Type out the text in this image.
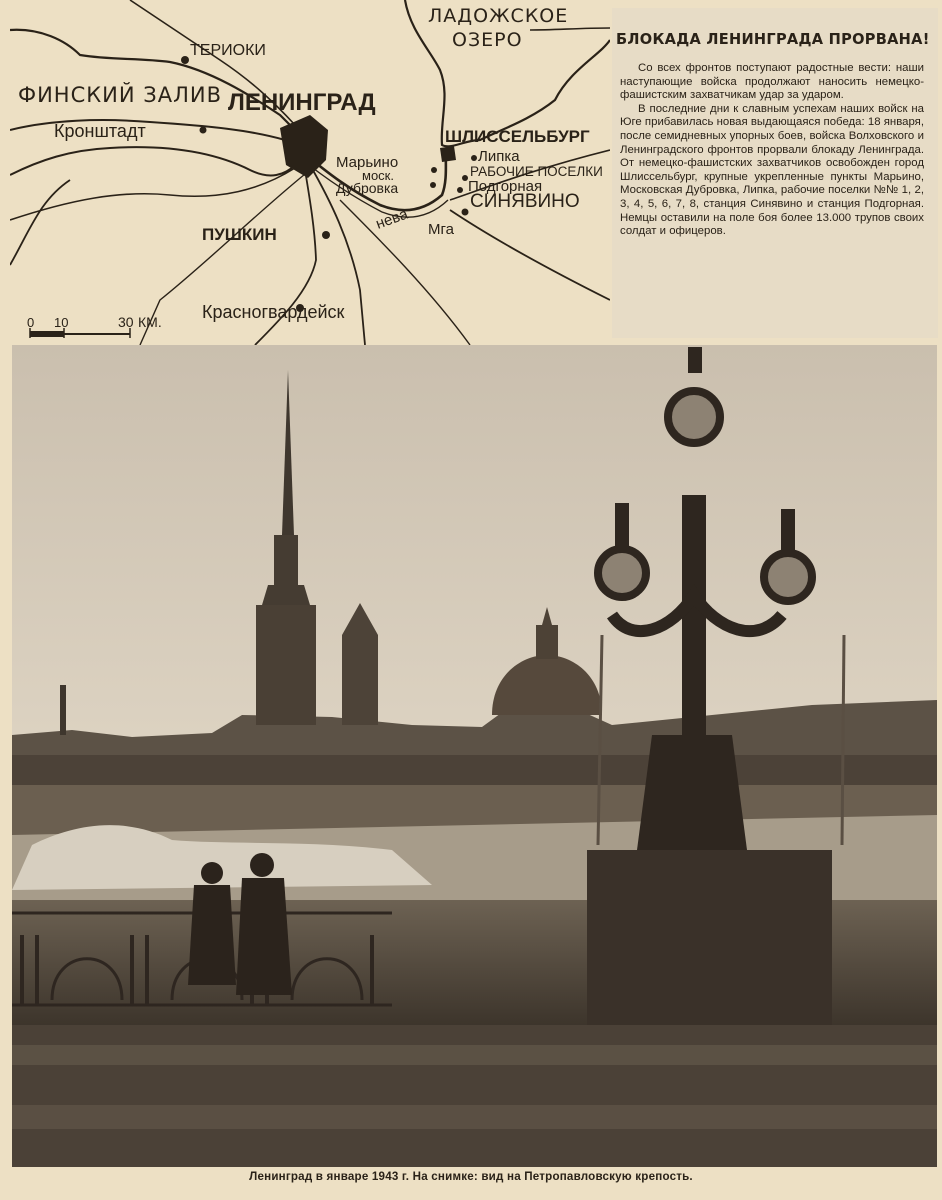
ЛАДОЖСКОЕ
ОЗЕРО
ТЕРИОКИ
ФИНСКИЙ ЗАЛИВ ЛЕНИНГРАД
Кронштадт	ШЛИССЕЛЬБУРГ
Марьино	Липка
моск.	РАБОЧИЕ ПОСЕЛКИ
Дубровка	Подгорная
СИНЯВИНО
нева Мга
ПУШКИН
Красногвардейск
0 10	30 КМ.
БЛОКАДА ЛЕНИНГРАДА ПРОРВАНА!

Со всех фронтов поступают радостные вести: наши наступающие войска продолжают наносить немецко-фашистским захватчикам удар за ударом.

В последние дни к славным успехам наших войск на Юге прибавилась новая выдающаяся победа: 18 января, после семидневных упорных боев, войска Волховского и Ленинградского фронтов прорвали блокаду Ленинграда. От немецко-фашистских захватчиков освобожден город Шлиссельбург, крупные укрепленные пункты Марьино, Московская Дубровка, Липка, рабочие поселки №№ 1, 2, 3, 4, 5, 6, 7, 8, станция Синявино и станция Подгорная. Немцы оставили на поле боя более 13.000 трупов своих солдат и офицеров.

Ленинград в январе 1943 г. На снимке: вид на Петропавловскую крепость.
